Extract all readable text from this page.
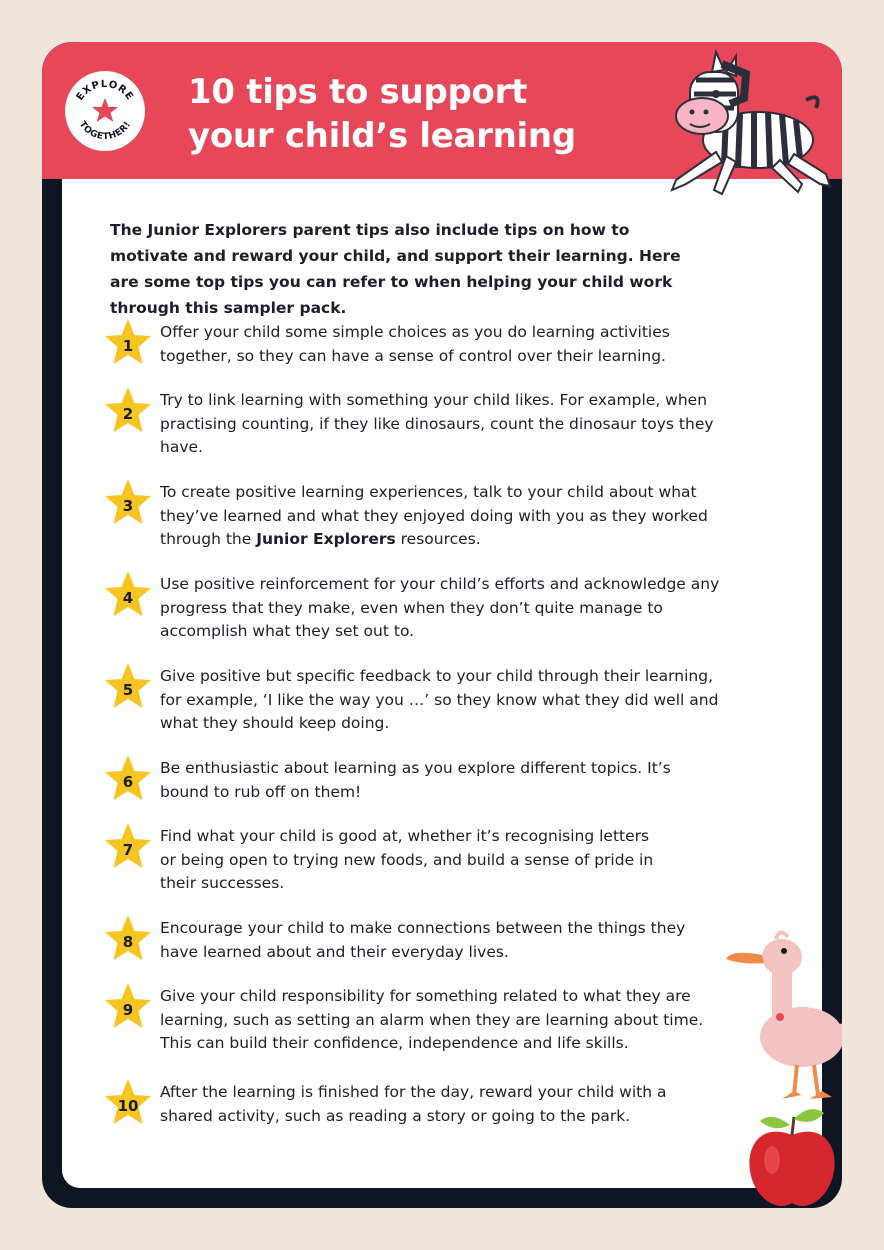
EXPLORE
TOGETHER!
10 tips to support
your child’s learning

The Junior Explorers parent tips also include tips on how to motivate and reward your child, and support their learning. Here are some top tips you can refer to when helping your child work through this sampler pack.

1
Offer your child some simple choices as you do learning activities together, so they can have a sense of control over their learning.
2
Try to link learning with something your child likes. For example, when practising counting, if they like dinosaurs, count the dinosaur toys they have.
3
To create positive learning experiences, talk to your child about what they’ve learned and what they enjoyed doing with you as they worked through the Junior Explorers resources.
4
Use positive reinforcement for your child’s efforts and acknowledge any progress that they make, even when they don’t quite manage to accomplish what they set out to.
5
Give positive but specific feedback to your child through their learning, for example, ‘I like the way you …’ so they know what they did well and what they should keep doing.
6
Be enthusiastic about learning as you explore different topics. It’s bound to rub off on them!
7
Find what your child is good at, whether it’s recognising letters or being open to trying new foods, and build a sense of pride in their successes.
8
Encourage your child to make connections between the things they have learned about and their everyday lives.
9
Give your child responsibility for something related to what they are learning, such as setting an alarm when they are learning about time. This can build their confidence, independence and life skills.
10
After the learning is finished for the day, reward your child with a shared activity, such as reading a story or going to the park.
